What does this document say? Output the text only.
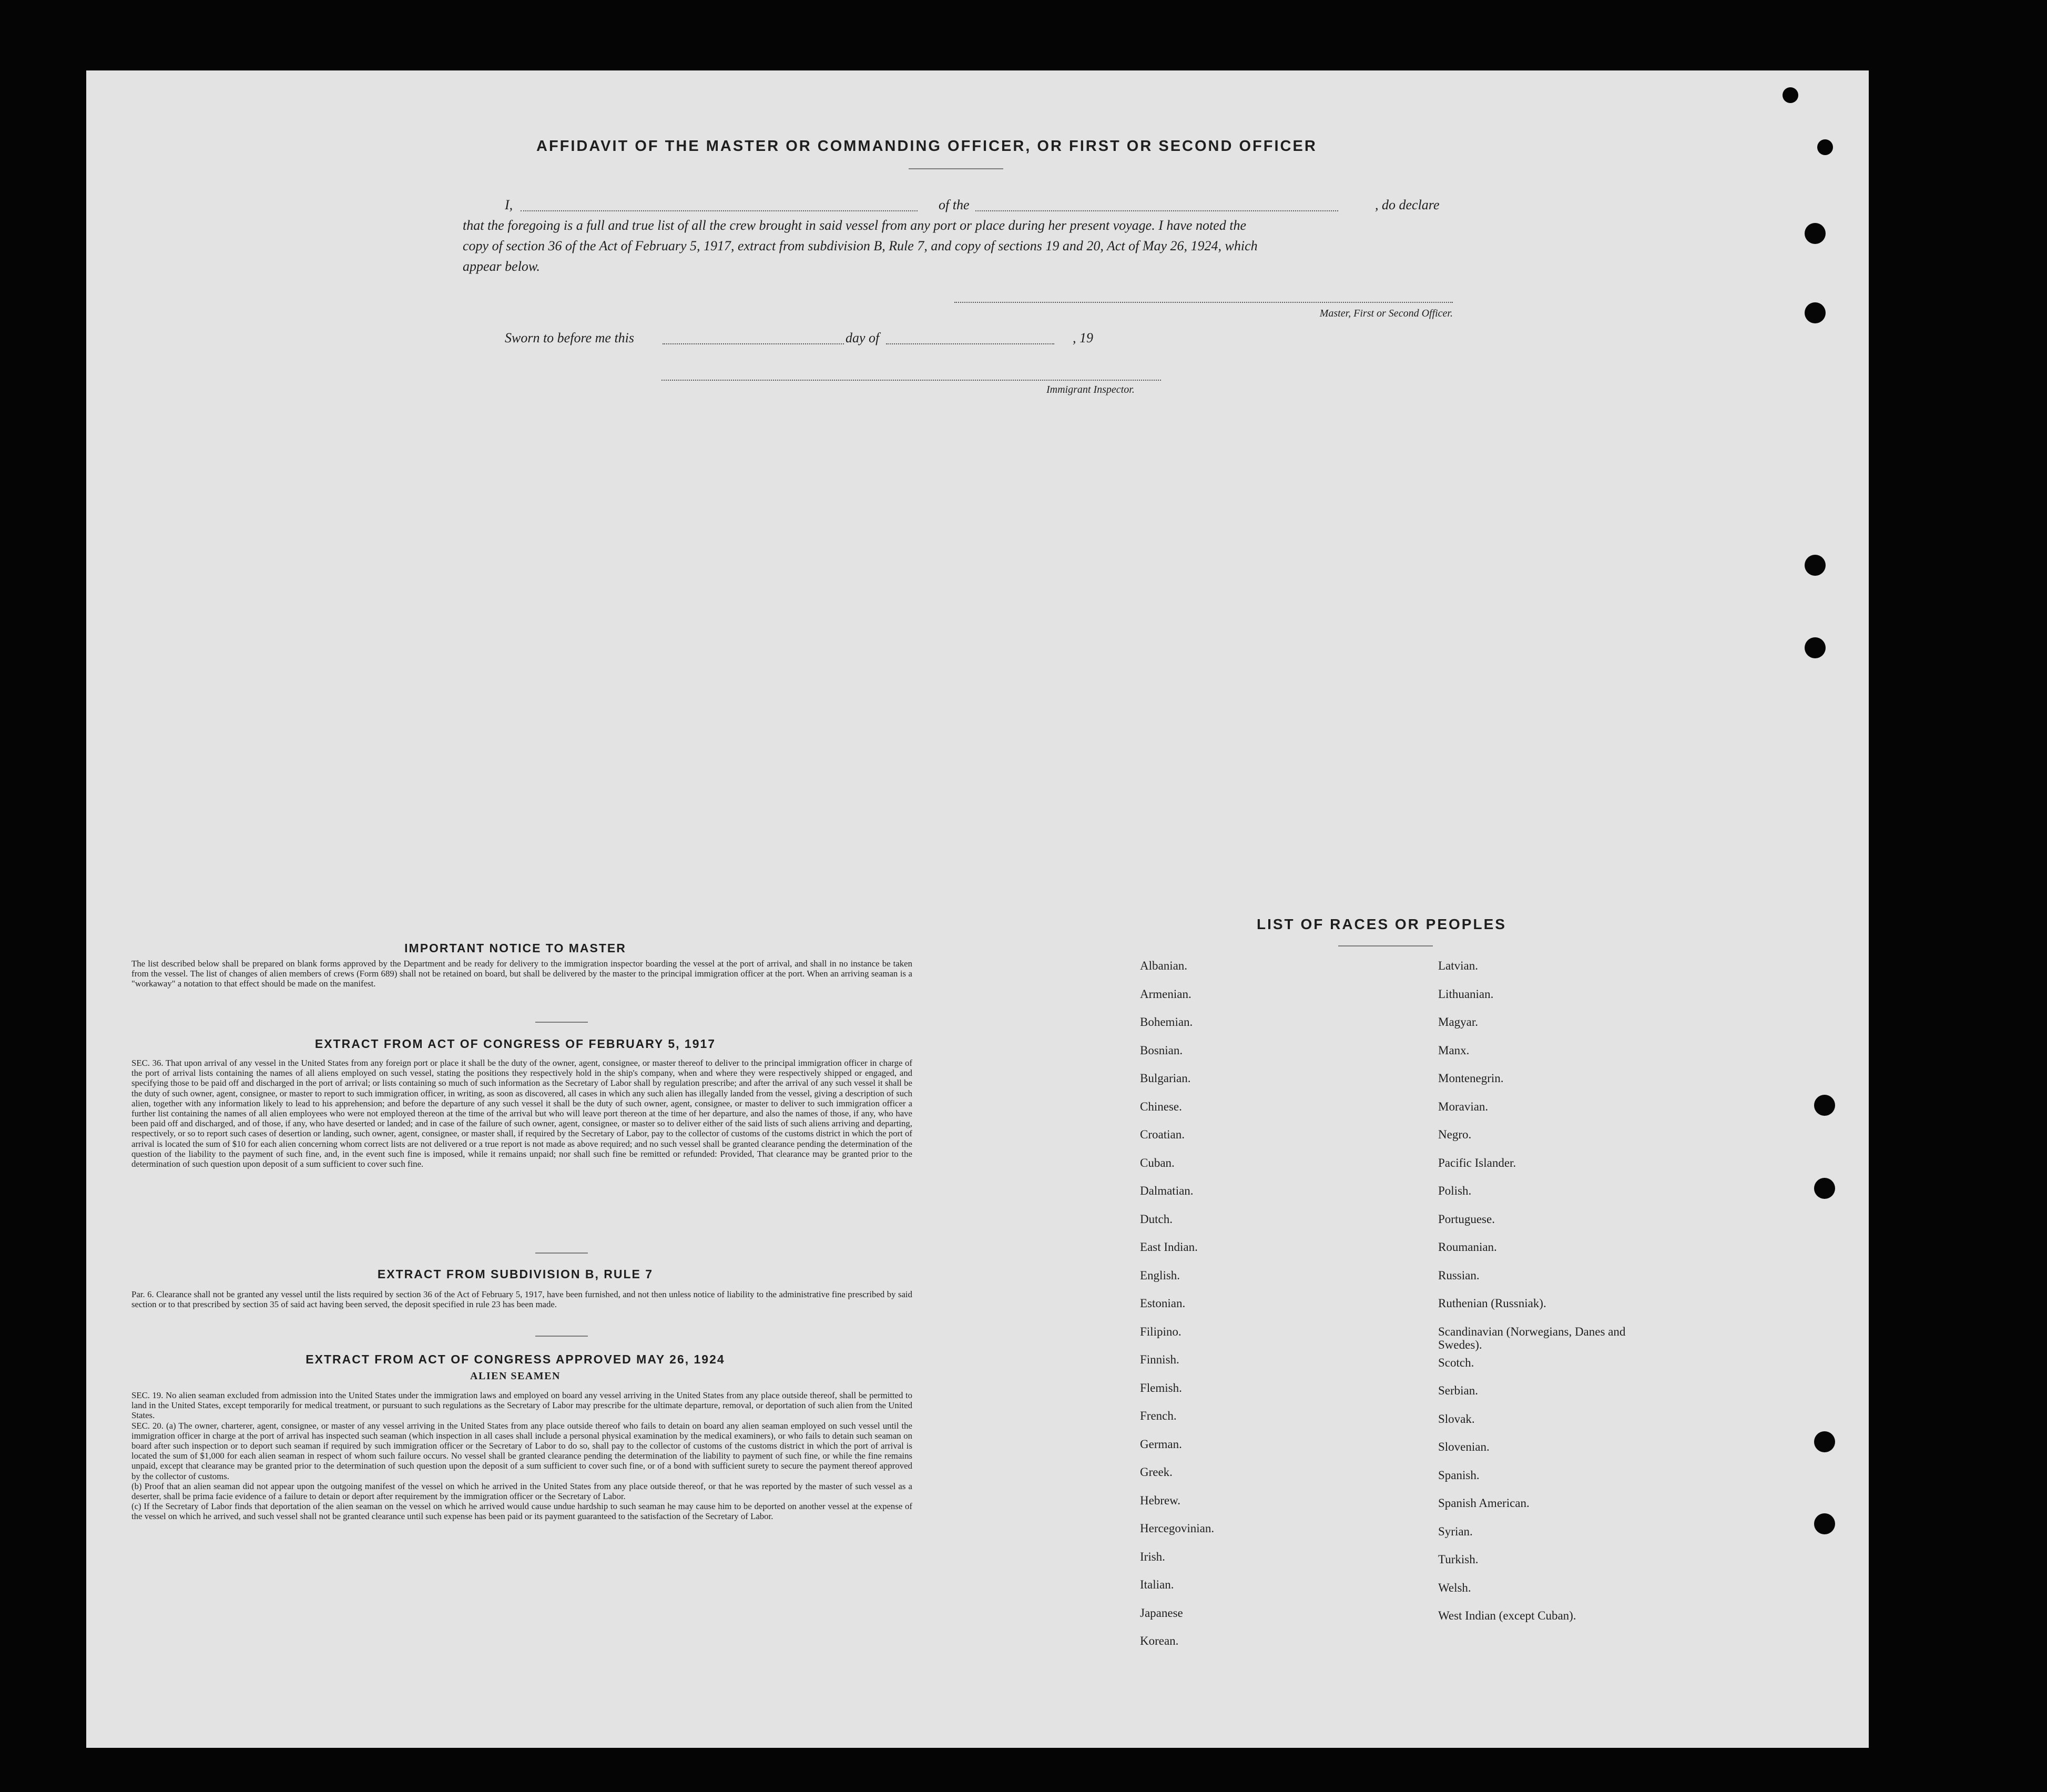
AFFIDAVIT OF THE MASTER OR COMMANDING OFFICER, OR FIRST OR SECOND OFFICER
I,	of the	, do declare
that the foregoing is a full and true list of all the crew brought in said vessel from any port or place during her present voyage. I have noted the
copy of section 36 of the Act of February 5, 1917, extract from subdivision B, Rule 7, and copy of sections 19 and 20, Act of May 26, 1924, which
appear below.
Master, First or Second Officer.
Sworn to before me this	day of	, 19
Immigrant Inspector.
IMPORTANT NOTICE TO MASTER
The list described below shall be prepared on blank forms approved by the Department and be ready for delivery to the immigration inspector boarding the vessel at the port of arrival, and shall in no instance be taken from the vessel. The list of changes of alien members of crews (Form 689) shall not be retained on board, but shall be delivered by the master to the principal immigration officer at the port. When an arriving seaman is a "workaway" a notation to that effect should be made on the manifest.
EXTRACT FROM ACT OF CONGRESS OF FEBRUARY 5, 1917
SEC. 36. That upon arrival of any vessel in the United States from any foreign port or place it shall be the duty of the owner, agent, consignee, or master thereof to deliver to the principal immigration officer in charge of the port of arrival lists containing the names of all aliens employed on such vessel, stating the positions they respectively hold in the ship's company, when and where they were respectively shipped or engaged, and specifying those to be paid off and discharged in the port of arrival; or lists containing so much of such information as the Secretary of Labor shall by regulation prescribe; and after the arrival of any such vessel it shall be the duty of such owner, agent, consignee, or master to report to such immigration officer, in writing, as soon as discovered, all cases in which any such alien has illegally landed from the vessel, giving a description of such alien, together with any information likely to lead to his apprehension; and before the departure of any such vessel it shall be the duty of such owner, agent, consignee, or master to deliver to such immigration officer a further list containing the names of all alien employees who were not employed thereon at the time of the arrival but who will leave port thereon at the time of her departure, and also the names of those, if any, who have been paid off and discharged, and of those, if any, who have deserted or landed; and in case of the failure of such owner, agent, consignee, or master so to deliver either of the said lists of such aliens arriving and departing, respectively, or so to report such cases of desertion or landing, such owner, agent, consignee, or master shall, if required by the Secretary of Labor, pay to the collector of customs of the customs district in which the port of arrival is located the sum of $10 for each alien concerning whom correct lists are not delivered or a true report is not made as above required; and no such vessel shall be granted clearance pending the determination of the question of the liability to the payment of such fine, and, in the event such fine is imposed, while it remains unpaid; nor shall such fine be remitted or refunded: Provided, That clearance may be granted prior to the determination of such question upon deposit of a sum sufficient to cover such fine.
EXTRACT FROM SUBDIVISION B, RULE 7
Par. 6. Clearance shall not be granted any vessel until the lists required by section 36 of the Act of February 5, 1917, have been furnished, and not then unless notice of liability to the administrative fine prescribed by said section or to that prescribed by section 35 of said act having been served, the deposit specified in rule 23 has been made.
EXTRACT FROM ACT OF CONGRESS APPROVED MAY 26, 1924
ALIEN SEAMEN

SEC. 19. No alien seaman excluded from admission into the United States under the immigration laws and employed on board any vessel arriving in the United States from any place outside thereof, shall be permitted to land in the United States, except temporarily for medical treatment, or pursuant to such regulations as the Secretary of Labor may prescribe for the ultimate departure, removal, or deportation of such alien from the United States.

SEC. 20. (a) The owner, charterer, agent, consignee, or master of any vessel arriving in the United States from any place outside thereof who fails to detain on board any alien seaman employed on such vessel until the immigration officer in charge at the port of arrival has inspected such seaman (which inspection in all cases shall include a personal physical examination by the medical examiners), or who fails to detain such seaman on board after such inspection or to deport such seaman if required by such immigration officer or the Secretary of Labor to do so, shall pay to the collector of customs of the customs district in which the port of arrival is located the sum of $1,000 for each alien seaman in respect of whom such failure occurs. No vessel shall be granted clearance pending the determination of the liability to payment of such fine, or while the fine remains unpaid, except that clearance may be granted prior to the determination of such question upon the deposit of a sum sufficient to cover such fine, or of a bond with sufficient surety to secure the payment thereof approved by the collector of customs.

(b) Proof that an alien seaman did not appear upon the outgoing manifest of the vessel on which he arrived in the United States from any place outside thereof, or that he was reported by the master of such vessel as a deserter, shall be prima facie evidence of a failure to detain or deport after requirement by the immigration officer or the Secretary of Labor.

(c) If the Secretary of Labor finds that deportation of the alien seaman on the vessel on which he arrived would cause undue hardship to such seaman he may cause him to be deported on another vessel at the expense of the vessel on which he arrived, and such vessel shall not be granted clearance until such expense has been paid or its payment guaranteed to the satisfaction of the Secretary of Labor.

LIST OF RACES OR PEOPLES
Albanian.
Armenian.
Bohemian.
Bosnian.
Bulgarian.
Chinese.
Croatian.
Cuban.
Dalmatian.
Dutch.
East Indian.
English.
Estonian.
Filipino.
Finnish.
Flemish.
French.
German.
Greek.
Hebrew.
Hercegovinian.
Irish.
Italian.
Japanese
Korean.
Latvian.
Lithuanian.
Magyar.
Manx.
Montenegrin.
Moravian.
Negro.
Pacific Islander.
Polish.
Portuguese.
Roumanian.
Russian.
Ruthenian (Russniak).
Scandinavian (Norwegians, Danes and Swedes).
Scotch.
Serbian.
Slovak.
Slovenian.
Spanish.
Spanish American.
Syrian.
Turkish.
Welsh.
West Indian (except Cuban).
